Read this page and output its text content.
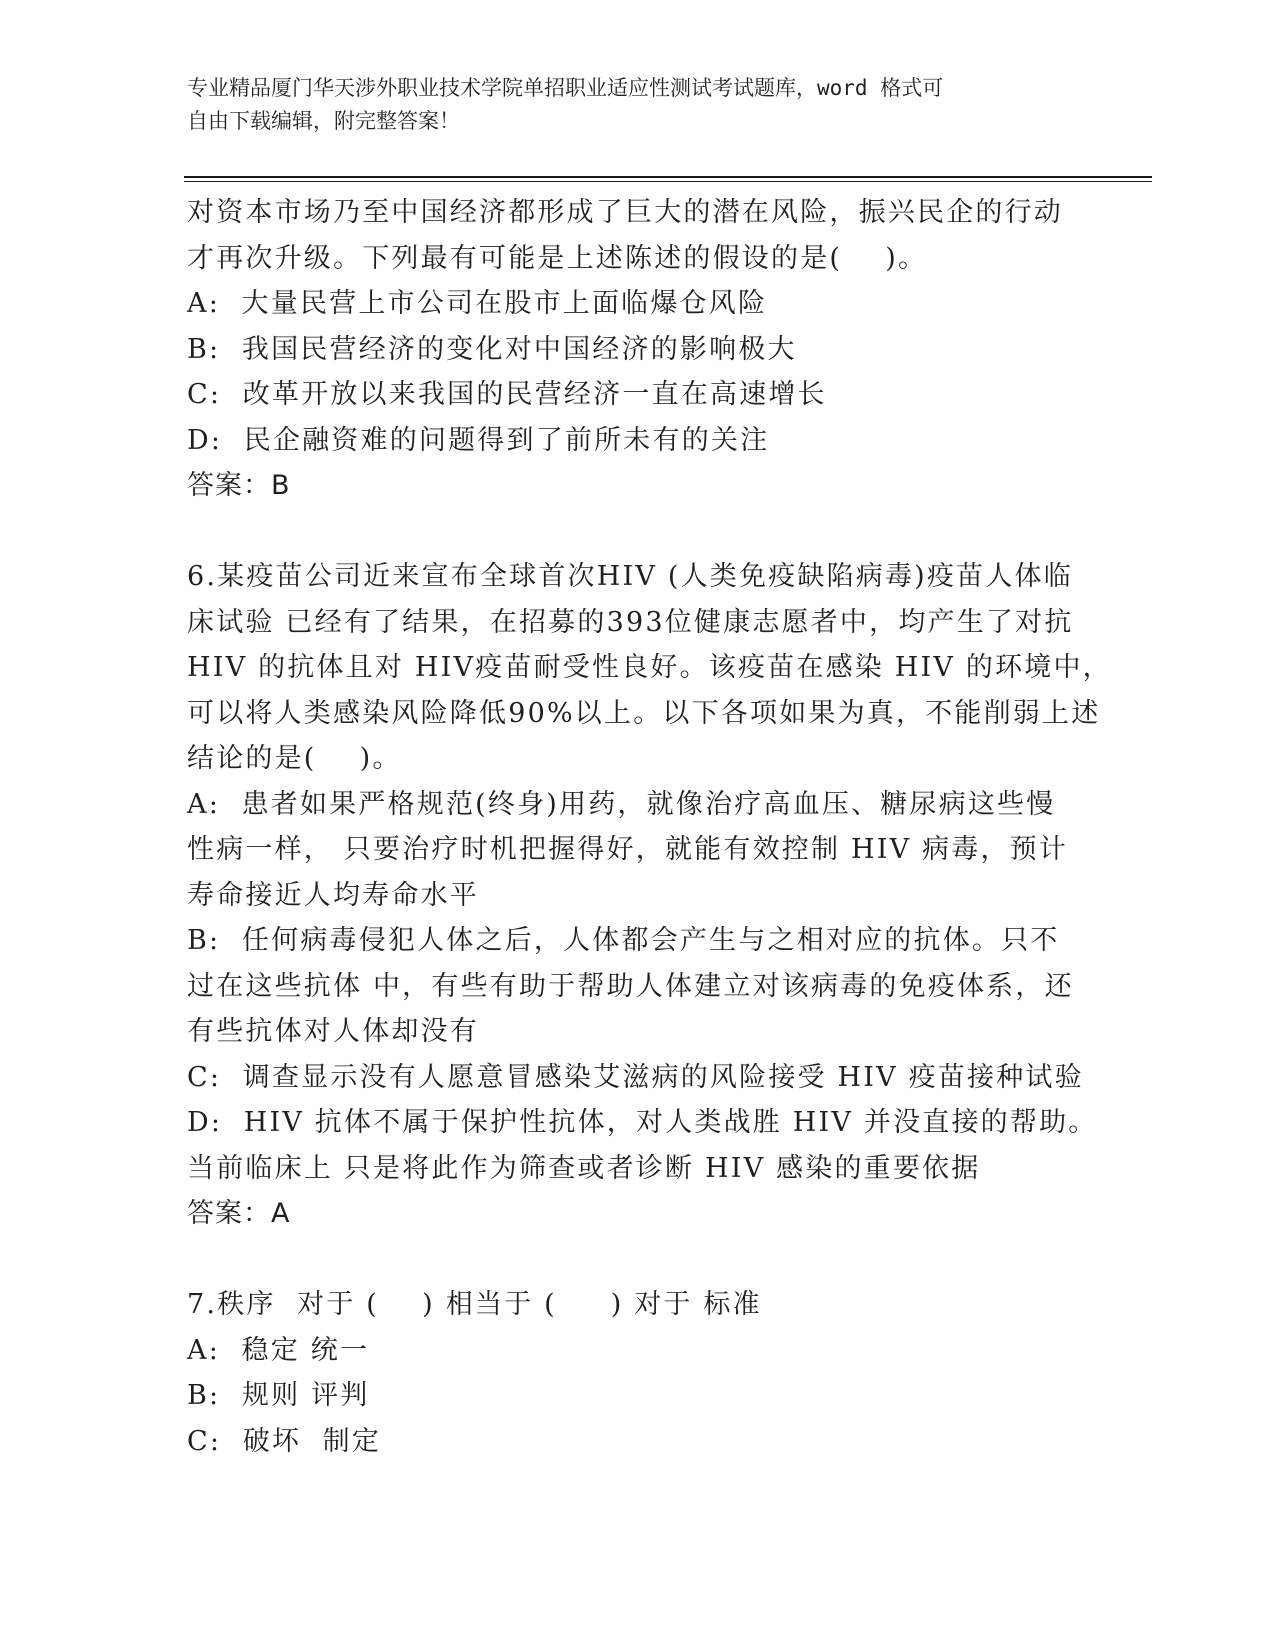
专业精品厦门华天涉外职业技术学院单招职业适应性测试考试题库，word 格式可
自由下载编辑，附完整答案！
对资本市场乃至中国经济都形成了巨大的潜在风险，振兴民企的行动
才再次升级。下列最有可能是上述陈述的假设的是(    )。
A:  大量民营上市公司在股市上面临爆仓风险
B:  我国民营经济的变化对中国经济的影响极大
C:  改革开放以来我国的民营经济一直在高速增长
D:  民企融资难的问题得到了前所未有的关注
答案：B
6.某疫苗公司近来宣布全球首次HIV (人类免疫缺陷病毒)疫苗人体临
床试验 已经有了结果，在招募的393位健康志愿者中，均产生了对抗
HIV 的抗体且对 HIV疫苗耐受性良好。该疫苗在感染 HIV 的环境中，
可以将人类感染风险降低90%以上。以下各项如果为真，不能削弱上述
结论的是(    )。
A:  患者如果严格规范(终身)用药，就像治疗高血压、糖尿病这些慢
性病一样， 只要治疗时机把握得好，就能有效控制 HIV 病毒，预计
寿命接近人均寿命水平
B:  任何病毒侵犯人体之后，人体都会产生与之相对应的抗体。只不
过在这些抗体 中，有些有助于帮助人体建立对该病毒的免疫体系，还
有些抗体对人体却没有
C:  调查显示没有人愿意冒感染艾滋病的风险接受 HIV 疫苗接种试验
D:  HIV 抗体不属于保护性抗体，对人类战胜 HIV 并没直接的帮助。
当前临床上 只是将此作为筛查或者诊断 HIV 感染的重要依据
答案：A
7.秩序  对于 (    ) 相当于 (     ) 对于 标准
A:  稳定 统一
B:  规则 评判
C:  破坏  制定
